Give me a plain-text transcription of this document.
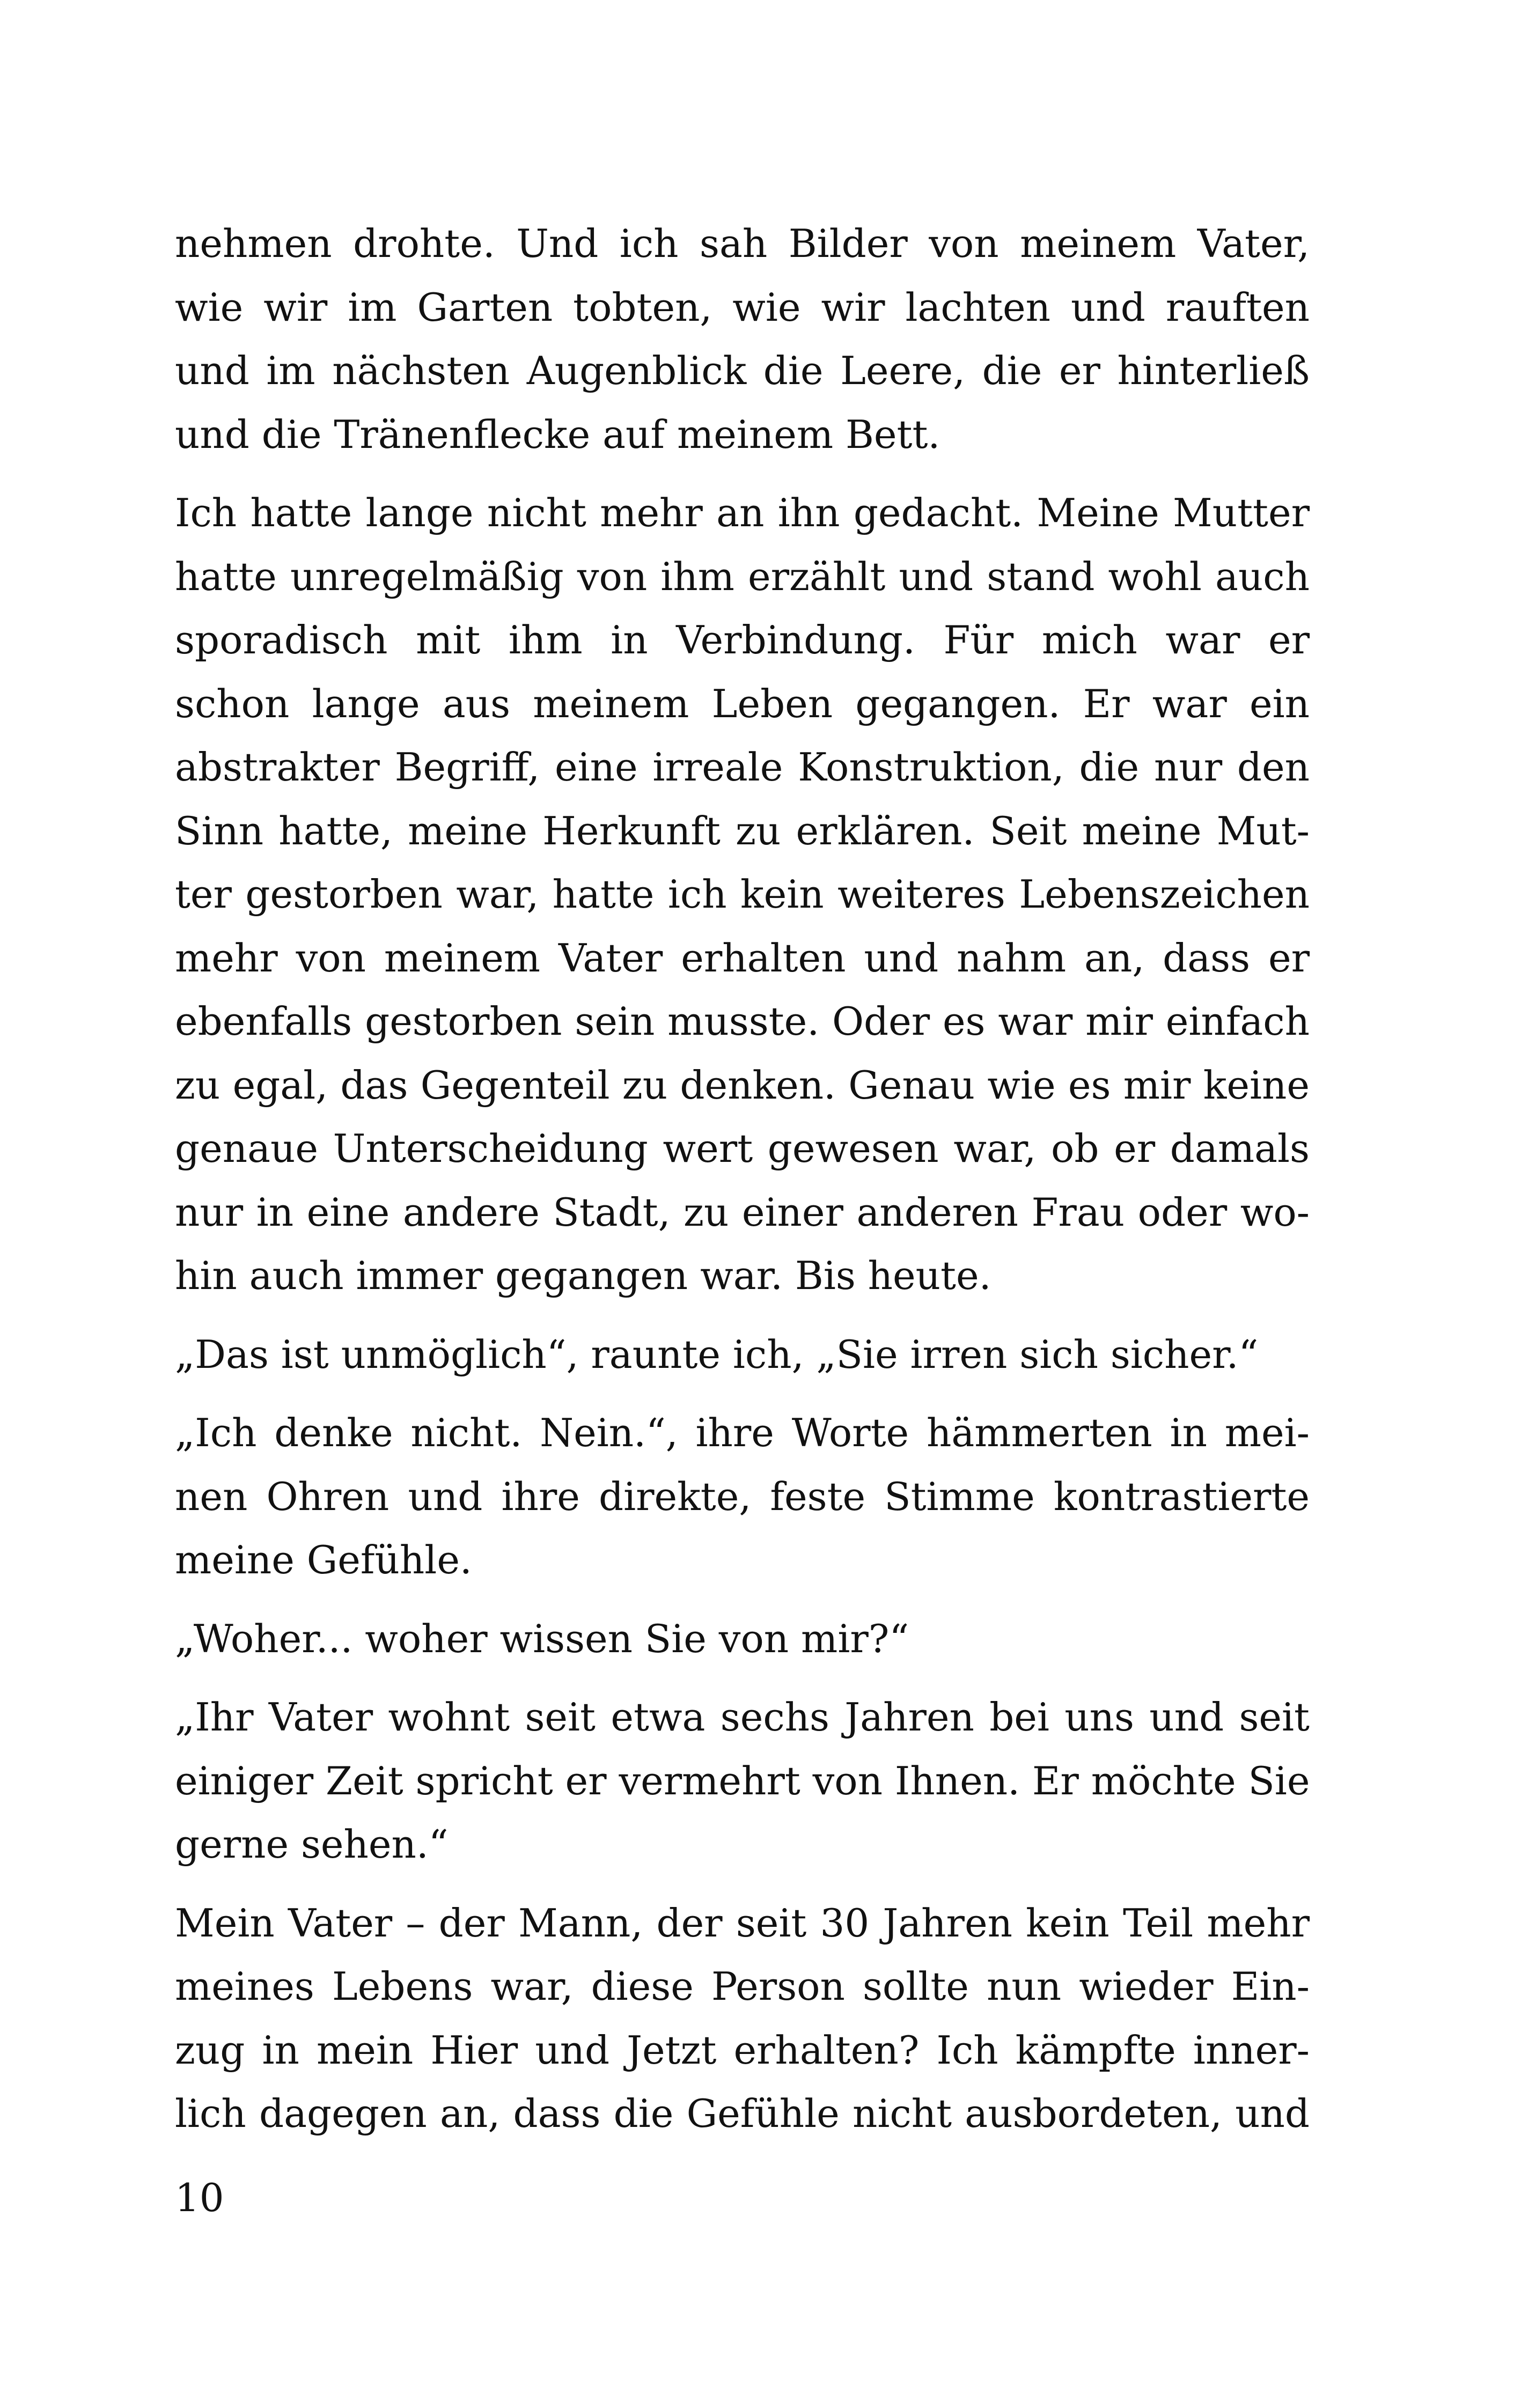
nehmen drohte. Und ich sah Bilder von meinem Vater,
wie wir im Garten tobten, wie wir lachten und rauften
und im nächsten Augenblick die Leere, die er hinterließ
und die Tränenflecke auf meinem Bett.
Ich hatte lange nicht mehr an ihn gedacht. Meine Mutter
hatte unregelmäßig von ihm erzählt und stand wohl auch
sporadisch mit ihm in Verbindung. Für mich war er
schon lange aus meinem Leben gegangen. Er war ein
abstrakter Begriff, eine irreale Konstruktion, die nur den
Sinn hatte, meine Herkunft zu erklären. Seit meine Mut-
ter gestorben war, hatte ich kein weiteres Lebenszeichen
mehr von meinem Vater erhalten und nahm an, dass er
ebenfalls gestorben sein musste. Oder es war mir einfach
zu egal, das Gegenteil zu denken. Genau wie es mir keine
genaue Unterscheidung wert gewesen war, ob er damals
nur in eine andere Stadt, zu einer anderen Frau oder wo-
hin auch immer gegangen war. Bis heute.
„Das ist unmöglich“, raunte ich, „Sie irren sich sicher.“
„Ich denke nicht. Nein.“, ihre Worte hämmerten in mei-
nen Ohren und ihre direkte, feste Stimme kontrastierte
meine Gefühle.
„Woher... woher wissen Sie von mir?“
„Ihr Vater wohnt seit etwa sechs Jahren bei uns und seit
einiger Zeit spricht er vermehrt von Ihnen. Er möchte Sie
gerne sehen.“
Mein Vater – der Mann, der seit 30 Jahren kein Teil mehr
meines Lebens war, diese Person sollte nun wieder Ein-
zug in mein Hier und Jetzt erhalten? Ich kämpfte inner-
lich dagegen an, dass die Gefühle nicht ausbordeten, und
10
